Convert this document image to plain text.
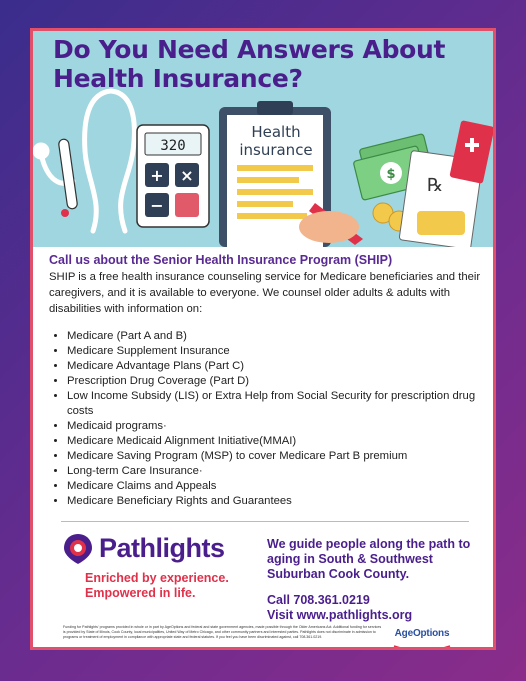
320
+ ×
−
Health
insurance
$
℞
Do You Need Answers About
Health Insurance?

Call us about the Senior Health Insurance Program (SHIP)

SHIP is a free health insurance counseling service for Medicare beneficiaries and their caregivers, and it is available to everyone. We counsel older adults & adults with disabilities with information on:

• Medicare (Part A and B)
• Medicare Supplement Insurance
• Medicare Advantage Plans (Part C)
• Prescription Drug Coverage (Part D)
• Low Income Subsidy (LIS) or Extra Help from Social Security for prescription drug costs
• Medicaid programs·
• Medicare Medicaid Alignment Initiative(MMAI)
• Medicare Saving Program (MSP) to cover Medicare Part B premium
• Long-term Care Insurance·
• Medicare Claims and Appeals
• Medicare Beneficiary Rights and Guarantees
Pathlights
Enriched by experience.
Empowered in life.
We guide people along the path to aging in South & Southwest Suburban Cook County.
Call 708.361.0219
Visit www.pathlights.org
Funding for Pathlights' programs provided in whole or in part by AgeOptions and federal and state government agencies, made possible through the Older Americans Act. Additional funding for services is provided by State of Illinois, Cook County, local municipalities, United Way of Metro Chicago, and other community partners and interested parties. Pathlights does not discriminate in admission to programs or treatment of employment in compliance with appropriate state and federal statutes. If you feel you have been discriminated against, call 708.361.0219.	AgeOptions
